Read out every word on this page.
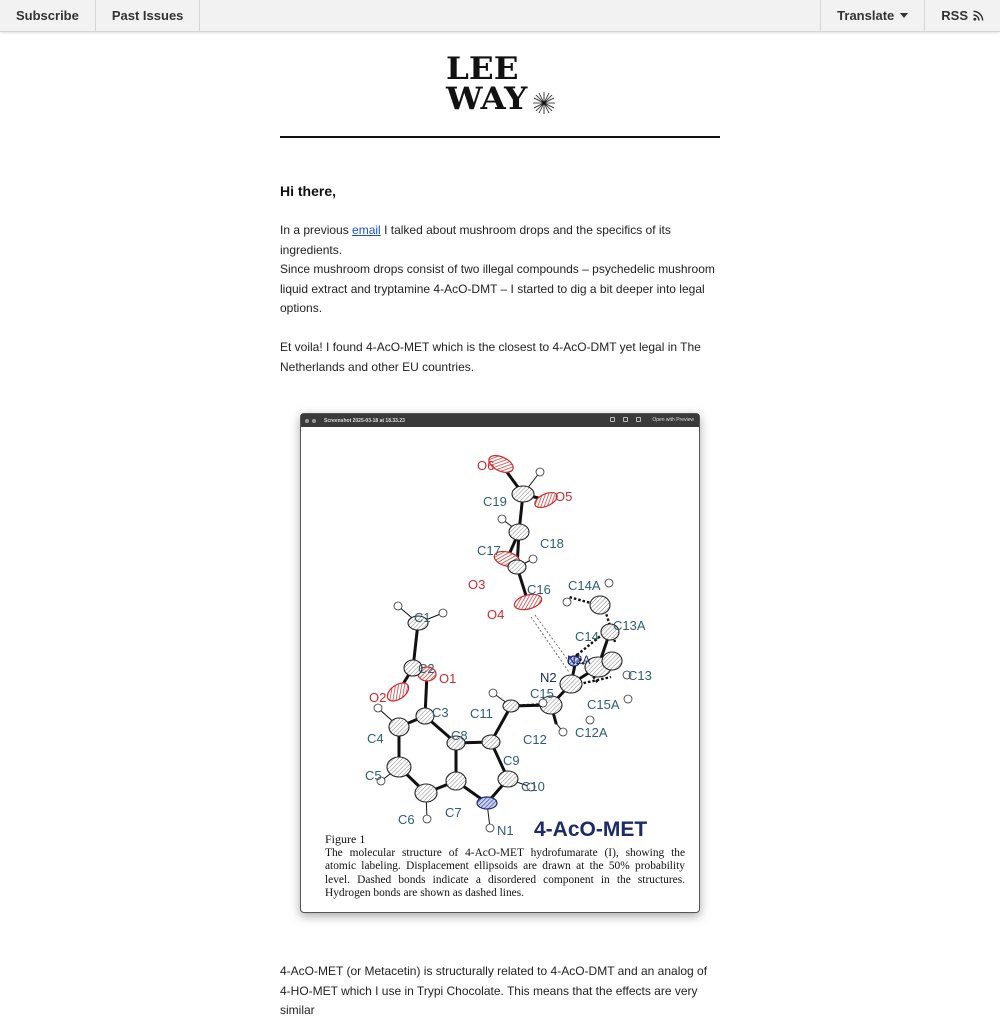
Subscribe	Past Issues	Translate	RSS
LEE
WAY
Hi there,
In a previous email I talked about mushroom drops and the specifics of its ingredients.
Since mushroom drops consist of two illegal compounds – psychedelic mushroom liquid extract and tryptamine 4-AcO-DMT – I started to dig a bit deeper into legal options.
Et voila! I found 4-AcO-MET which is the closest to 4-AcO-DMT yet legal in The Netherlands and other EU countries.
Screenshot 2025-03-18 at 18.33.23	Open with Preview
O6
O5
C19
C17	C18
O3	C16
O4
C14A
C13A
C14
N2A
N2	C13
C15
C15A
C12A
C11
C12
C1
C2
O1
O2
C3
C4	C8
C9
C5
C10
C6 C7
N1 4-AcO-MET
Figure 1
The molecular structure of 4-AcO-MET hydrofumarate (I), showing the atomic labeling. Displacement ellipsoids are drawn at the 50% probability level. Dashed bonds indicate a disordered component in the structures. Hydrogen bonds are shown as dashed lines.
4-AcO-MET (or Metacetin) is structurally related to 4-AcO-DMT and an analog of 4-HO-MET which I use in Trypi Chocolate. This means that the effects are very similar
